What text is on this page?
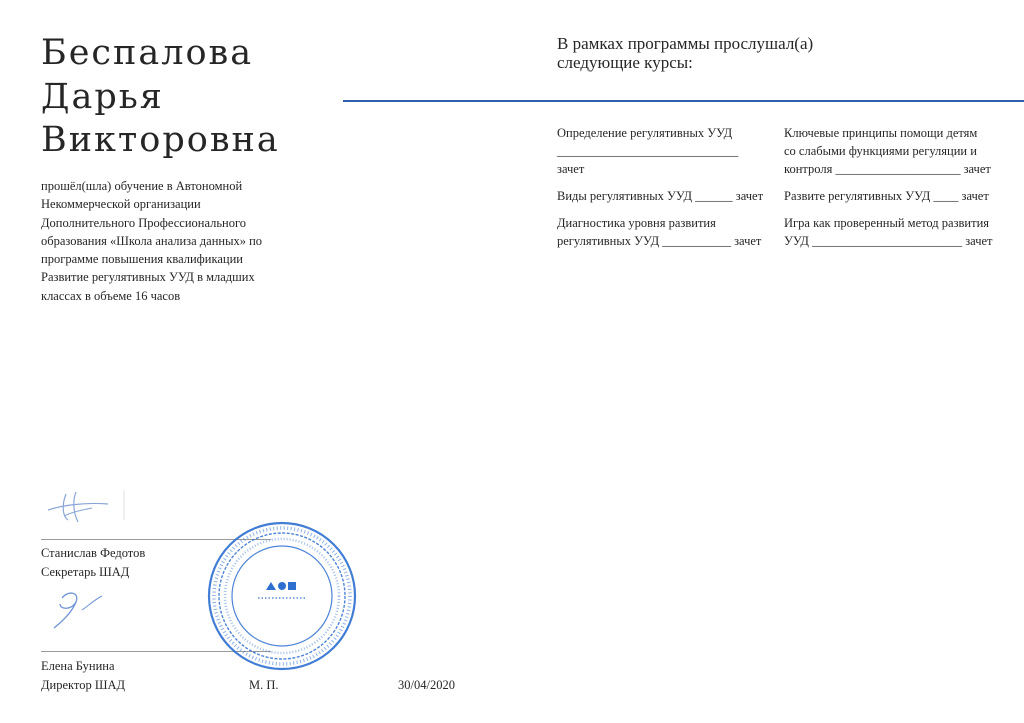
Беспалова
Дарья
Викторовна
прошёл(шла) обучение в Автономной
Некоммерческой организации
Дополнительного Профессионального
образования «Школа анализа данных» по
программе повышения квалификации
Развитие регулятивных УУД в младших
классах в объеме 16 часов
В рамках программы прослушал(а)
следующие курсы:
Определение регулятивных УУД
_____________________________ зачет
Виды регулятивных УУД ______ зачет
Диагностика уровня развития
регулятивных УУД ___________ зачет
Ключевые принципы помощи детям
со слабыми функциями регуляции и
контроля ____________________ зачет
Развите регулятивных УУД ____ зачет
Игра как проверенный метод развития
УУД ________________________ зачет
Станислав Федотов
Секретарь ШАД
Елена Бунина
Директор ШАД	М. П.	30/04/2020
